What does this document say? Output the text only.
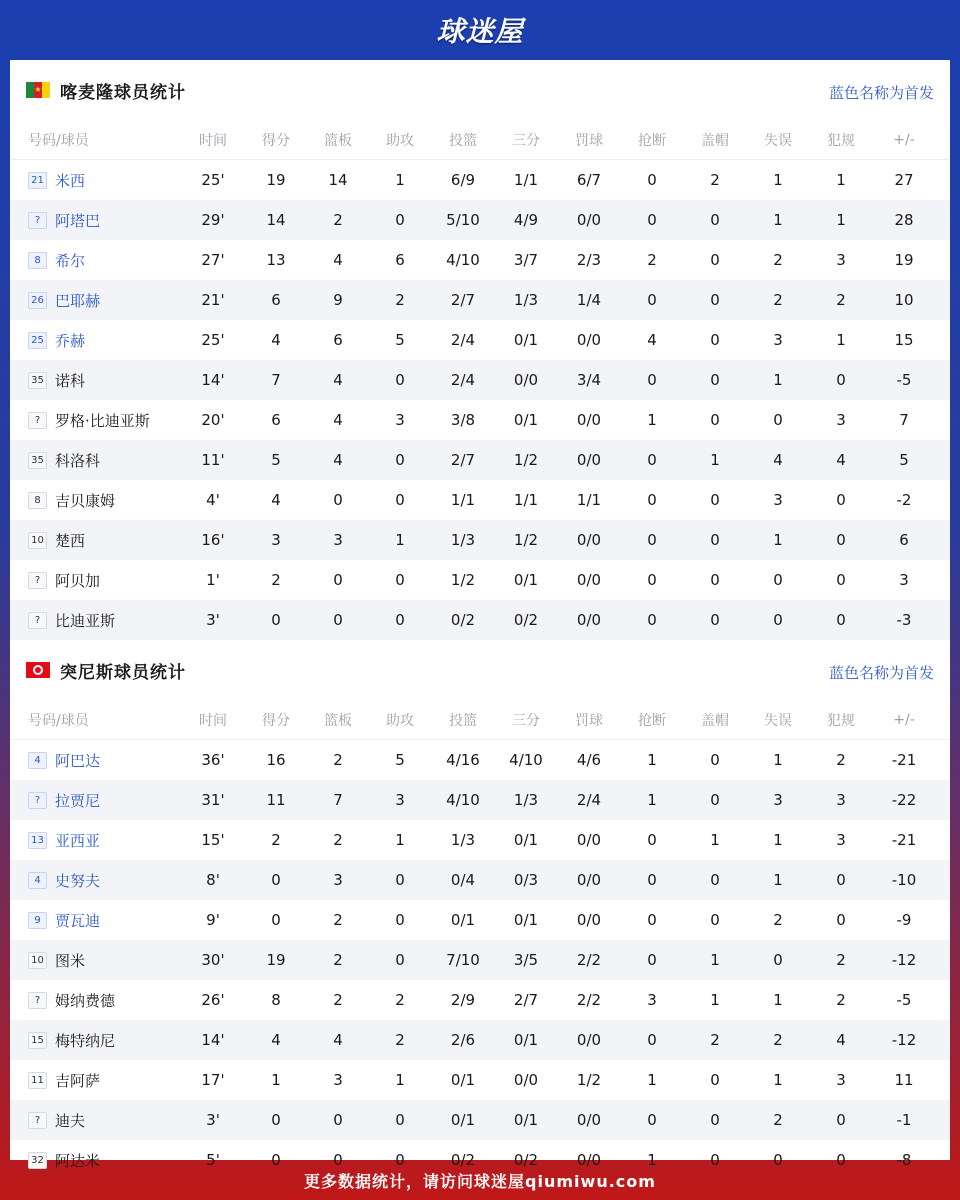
球迷屋
★ 喀麦隆球员统计	蓝色名称为首发
号码/球员	时间	得分	篮板	助攻	投篮	三分	罚球	抢断	盖帽	失误	犯规	+/-
21 米西	25'	19	14	1	6/9	1/1	6/7	0	2	1	1	27
? 阿塔巴	29'	14	2	0	5/10	4/9	0/0	0	0	1	1	28
8 希尔	27'	13	4	6	4/10	3/7	2/3	2	0	2	3	19
26 巴耶赫	21'	6	9	2	2/7	1/3	1/4	0	0	2	2	10
25 乔赫	25'	4	6	5	2/4	0/1	0/0	4	0	3	1	15
35 诺科	14'	7	4	0	2/4	0/0	3/4	0	0	1	0	-5
? 罗格·比迪亚斯	20'	6	4	3	3/8	0/1	0/0	1	0	0	3	7
35 科洛科	11'	5	4	0	2/7	1/2	0/0	0	1	4	4	5
8 吉贝康姆	4'	4	0	0	1/1	1/1	1/1	0	0	3	0	-2
10 楚西	16'	3	3	1	1/3	1/2	0/0	0	0	1	0	6
? 阿贝加	1'	2	0	0	1/2	0/1	0/0	0	0	0	0	3
? 比迪亚斯	3'	0	0	0	0/2	0/2	0/0	0	0	0	0	-3
突尼斯球员统计	蓝色名称为首发
号码/球员	时间	得分	篮板	助攻	投篮	三分	罚球	抢断	盖帽	失误	犯规	+/-
4 阿巴达	36'	16	2	5	4/16	4/10	4/6	1	0	1	2	-21
? 拉贾尼	31'	11	7	3	4/10	1/3	2/4	1	0	3	3	-22
13 亚西亚	15'	2	2	1	1/3	0/1	0/0	0	1	1	3	-21
4 史努夫	8'	0	3	0	0/4	0/3	0/0	0	0	1	0	-10
9 贾瓦迪	9'	0	2	0	0/1	0/1	0/0	0	0	2	0	-9
10 图米	30'	19	2	0	7/10	3/5	2/2	0	1	0	2	-12
? 姆纳费德	26'	8	2	2	2/9	2/7	2/2	3	1	1	2	-5
15 梅特纳尼	14'	4	4	2	2/6	0/1	0/0	0	2	2	4	-12
11 吉阿萨	17'	1	3	1	0/1	0/0	1/2	1	0	1	3	11
? 迪夫	3'	0	0	0	0/1	0/1	0/0	0	0	2	0	-1
32 阿达米	5'	0	0	0	0/2	0/2	0/0	1	0	0	0	-8
更多数据统计，请访问球迷屋qiumiwu.com
